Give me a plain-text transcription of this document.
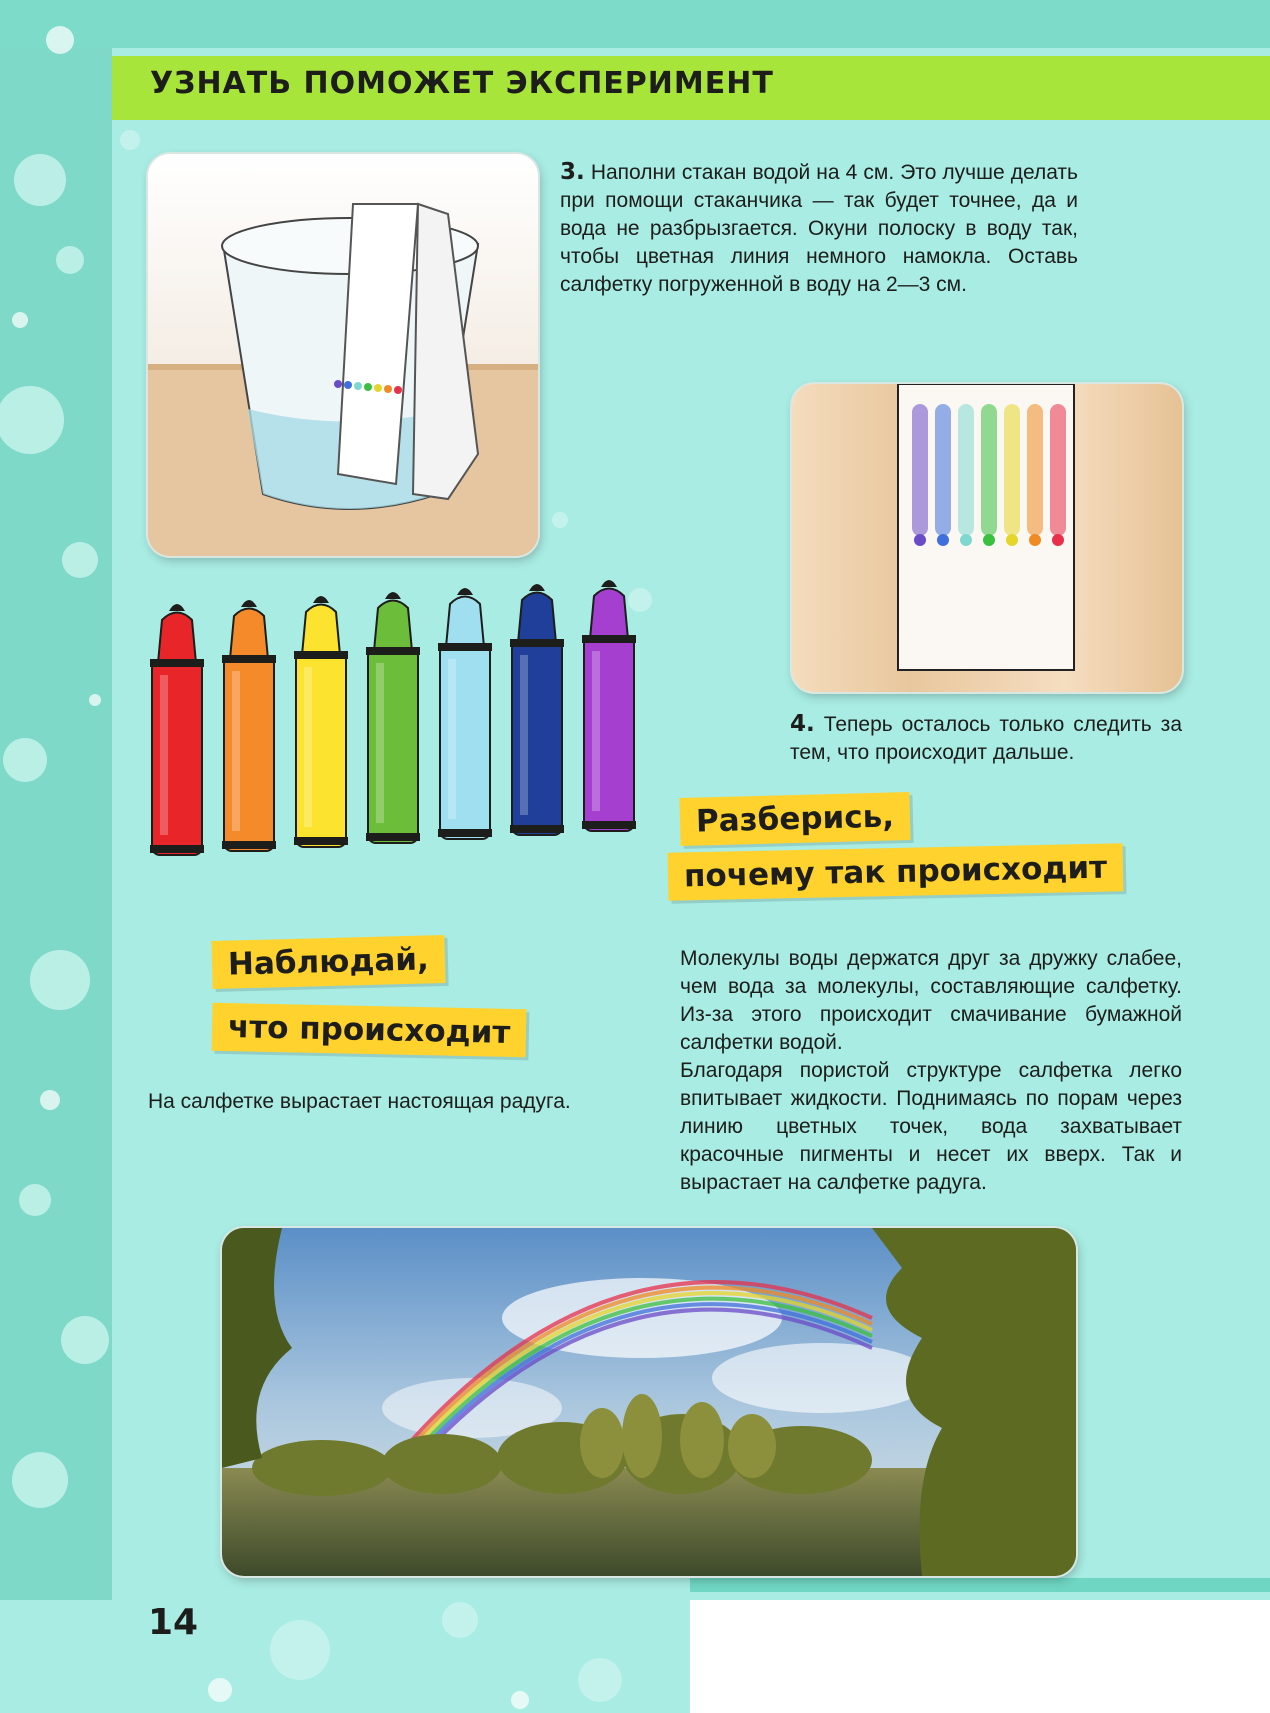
УЗНАТЬ ПОМОЖЕТ ЭКСПЕРИМЕНТ
3. Наполни стакан водой на 4 см. Это лучше делать при помощи стаканчика — так будет точнее, да и вода не разбрызгается. Окуни полоску в воду так, чтобы цветная линия немного намокла. Оставь салфетку погруженной в воду на 2—3 см.
4. Теперь осталось только следить за тем, что происходит дальше.
Разберись,
почему так происходит
Наблюдай,
что происходит
На салфетке вырастает настоящая радуга.
Молекулы воды держатся друг за дружку слабее, чем вода за молекулы, составляющие салфетку. Из-за этого происходит смачивание бумажной салфетки водой.
Благодаря пористой структуре салфетка легко впитывает жидкости. Поднимаясь по порам через линию цветных точек, вода захватывает красочные пигменты и несет их вверх. Так и вырастает на салфетке радуга.
14
